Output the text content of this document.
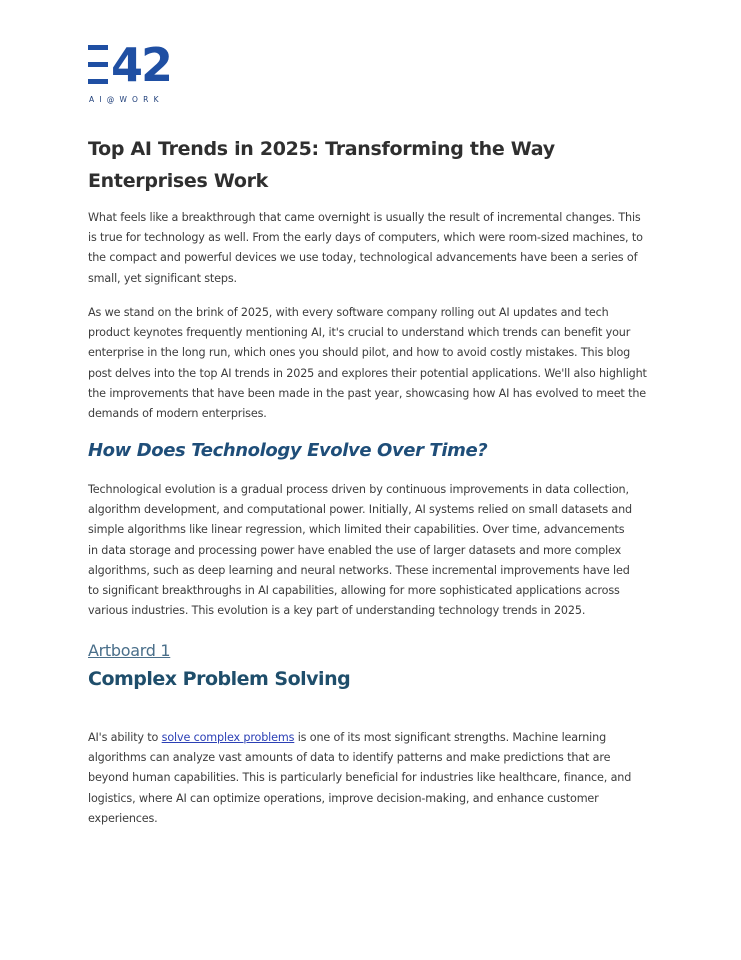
42
AI@WORK
Top AI Trends in 2025: Transforming the Way Enterprises Work

What feels like a breakthrough that came overnight is usually the result of incremental changes. This is true for technology as well. From the early days of computers, which were room-sized machines, to the compact and powerful devices we use today, technological advancements have been a series of small, yet significant steps.

As we stand on the brink of 2025, with every software company rolling out AI updates and tech product keynotes frequently mentioning AI, it's crucial to understand which trends can benefit your enterprise in the long run, which ones you should pilot, and how to avoid costly mistakes. This blog post delves into the top AI trends in 2025 and explores their potential applications. We'll also highlight the improvements that have been made in the past year, showcasing how AI has evolved to meet the demands of modern enterprises.

How Does Technology Evolve Over Time?

Technological evolution is a gradual process driven by continuous improvements in data collection, algorithm development, and computational power. Initially, AI systems relied on small datasets and simple algorithms like linear regression, which limited their capabilities. Over time, advancements in data storage and processing power have enabled the use of larger datasets and more complex algorithms, such as deep learning and neural networks. These incremental improvements have led to significant breakthroughs in AI capabilities, allowing for more sophisticated applications across various industries. This evolution is a key part of understanding technology trends in 2025.

Artboard 1
Complex Problem Solving

AI's ability to solve complex problems is one of its most significant strengths. Machine learning algorithms can analyze vast amounts of data to identify patterns and make predictions that are beyond human capabilities. This is particularly beneficial for industries like healthcare, finance, and logistics, where AI can optimize operations, improve decision-making, and enhance customer experiences.
